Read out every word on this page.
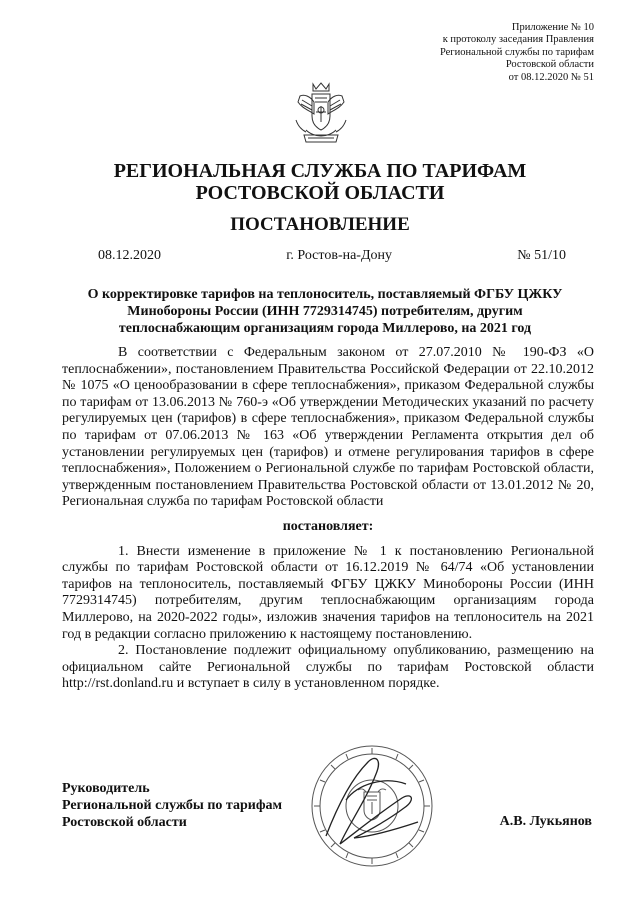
Приложение № 10
к протоколу заседания Правления
Региональной службы по тарифам
Ростовской области
от 08.12.2020 № 51
РЕГИОНАЛЬНАЯ СЛУЖБА ПО ТАРИФАМ
РОСТОВСКОЙ ОБЛАСТИ
ПОСТАНОВЛЕНИЕ
08.12.2020	г. Ростов-на-Дону	№ 51/10
О корректировке тарифов на теплоноситель, поставляемый ФГБУ ЦЖКУ Минобороны России (ИНН 7729314745) потребителям, другим теплоснабжающим организациям города Миллерово, на 2021 год

В соответствии с Федеральным законом от 27.07.2010 № 190-ФЗ «О теплоснабжении», постановлением Правительства Российской Федерации от 22.10.2012 № 1075 «О ценообразовании в сфере теплоснабжения», приказом Федеральной службы по тарифам от 13.06.2013 № 760-э «Об утверждении Методических указаний по расчету регулируемых цен (тарифов) в сфере теплоснабжения», приказом Федеральной службы по тарифам от 07.06.2013 № 163 «Об утверждении Регламента открытия дел об установлении регулируемых цен (тарифов) и отмене регулирования тарифов в сфере теплоснабжения», Положением о Региональной службе по тарифам Ростовской области, утвержденным постановлением Правительства Ростовской области от 13.01.2012 № 20, Региональная служба по тарифам Ростовской области

постановляет:

1. Внести изменение в приложение № 1 к постановлению Региональной службы по тарифам Ростовской области от 16.12.2019 № 64/74 «Об установлении тарифов на теплоноситель, поставляемый ФГБУ ЦЖКУ Минобороны России (ИНН 7729314745) потребителям, другим теплоснабжающим организациям города Миллерово, на 2020-2022 годы», изложив значения тарифов на теплоноситель на 2021 год в редакции согласно приложению к настоящему постановлению.

2. Постановление подлежит официальному опубликованию, размещению на официальном сайте Региональной службы по тарифам Ростовской области http://rst.donland.ru и вступает в силу в установленном порядке.

Руководитель
Региональной службы по тарифам
Ростовской области	А.В. Лукьянов
